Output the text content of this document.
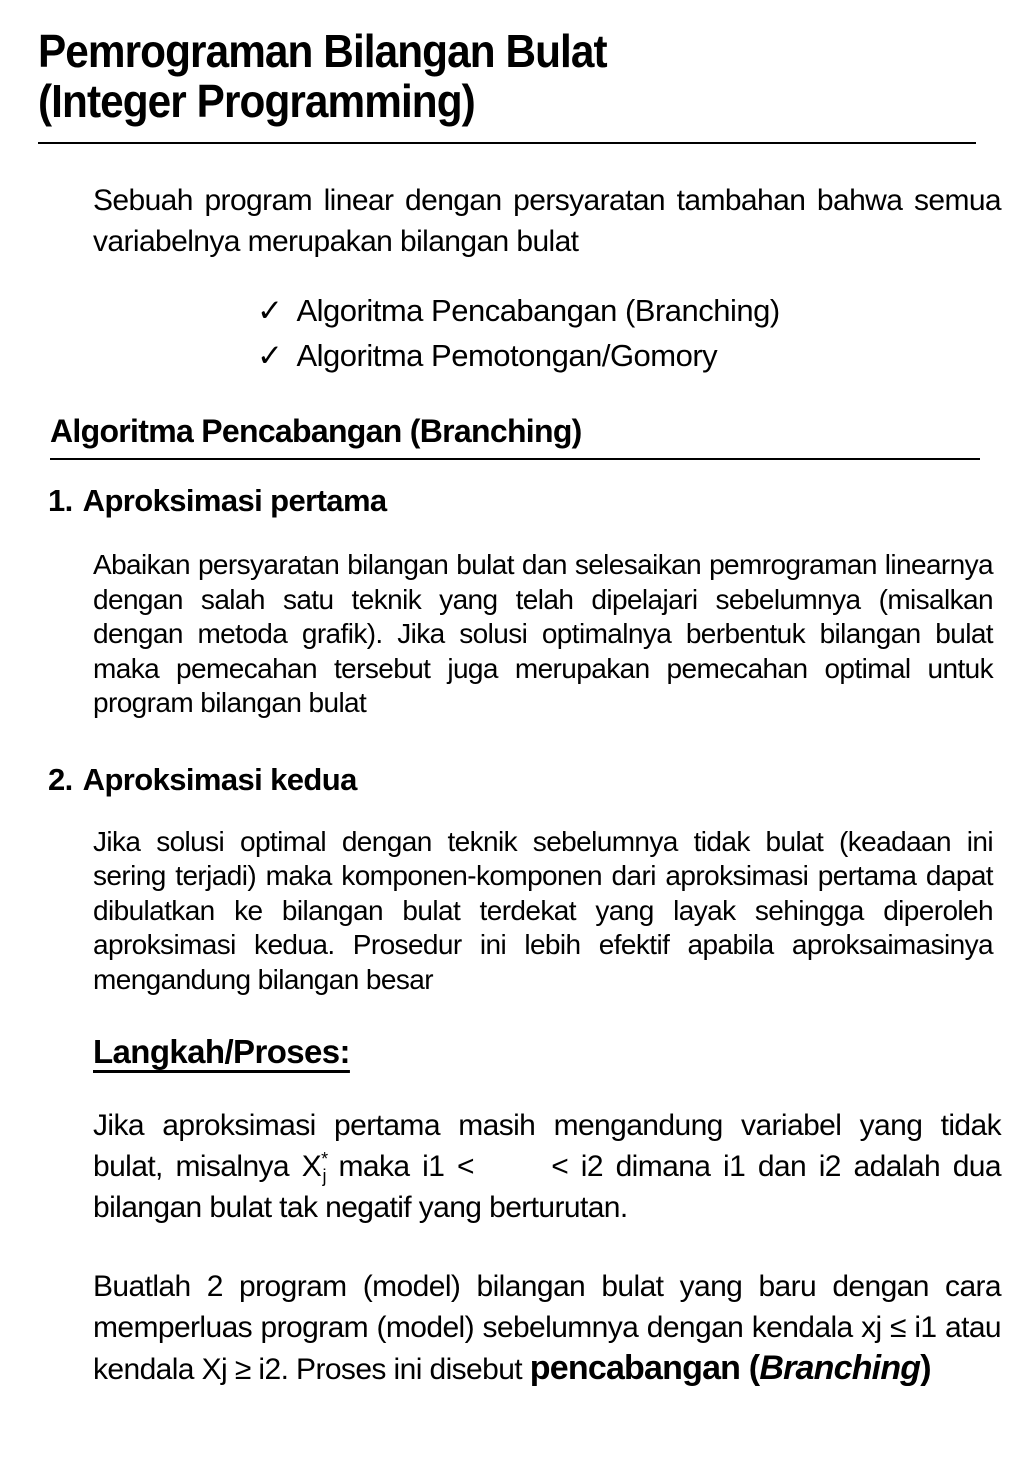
Pemrograman Bilangan Bulat
(Integer Programming)
Sebuah program linear dengan persyaratan tambahan bahwa semua variabelnya merupakan bilangan bulat
✓ Algoritma Pencabangan (Branching)
✓ Algoritma Pemotongan/Gomory
Algoritma Pencabangan (Branching)
1. Aproksimasi pertama
Abaikan persyaratan bilangan bulat dan selesaikan pemrograman linearnya dengan salah satu teknik yang telah dipelajari sebelumnya (misalkan dengan metoda grafik). Jika solusi optimalnya berbentuk bilangan bulat maka pemecahan tersebut juga merupakan pemecahan optimal untuk program bilangan bulat
2. Aproksimasi kedua
Jika solusi optimal dengan teknik sebelumnya tidak bulat (keadaan ini sering terjadi) maka komponen-komponen dari aproksimasi pertama dapat dibulatkan ke bilangan bulat terdekat yang layak sehingga diperoleh aproksimasi kedua. Prosedur ini lebih efektif apabila aproksaimasinya mengandung bilangan besar
Langkah/Proses:
Jika aproksimasi pertama masih mengandung variabel yang tidak bulat, misalnya $X^*_j$ maka i1 <	< i2 dimana i1 dan i2 adalah dua bilangan bulat tak negatif yang berturutan.
Buatlah 2 program (model) bilangan bulat yang baru dengan cara memperluas program (model) sebelumnya dengan kendala xj ≤ i1 atau kendala Xj ≥ i2. Proses ini disebut pencabangan (Branching)
